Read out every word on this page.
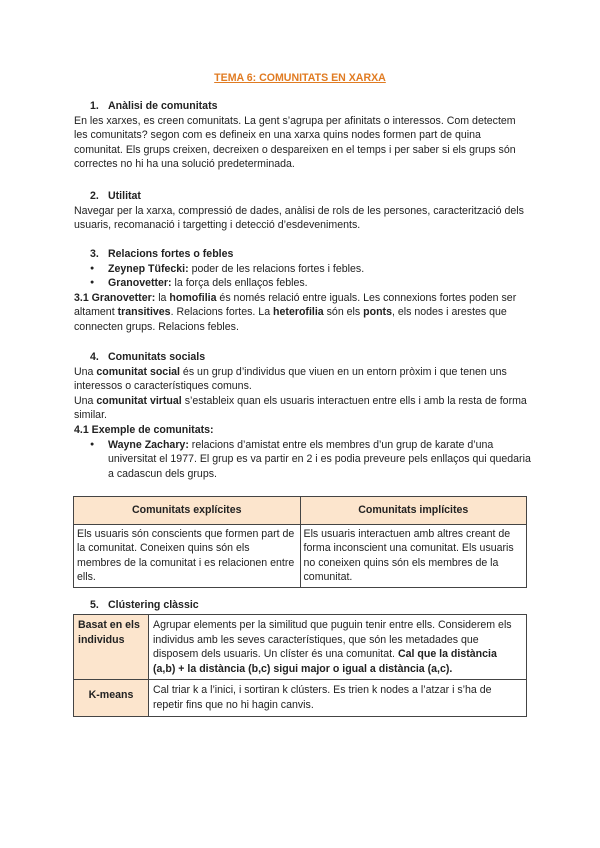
TEMA 6: COMUNITATS EN XARXA

1. Anàlisi de comunitats

En les xarxes, es creen comunitats. La gent s’agrupa per afinitats o interessos. Com detectem les comunitats? segon com es defineix en una xarxa quins nodes formen part de quina comunitat. Els grups creixen, decreixen o despareixen en el temps i per saber si els grups són correctes no hi ha una solució predeterminada.

2. Utilitat

Navegar per la xarxa, compressió de dades, anàlisi de rols de les persones, caracterització dels usuaris, recomanació i targetting i detecció d’esdeveniments.

3. Relacions fortes o febles

● Zeynep Tüfecki: poder de les relacions fortes i febles.

● Granovetter: la força dels enllaços febles.

3.1 Granovetter: la homofilia és només relació entre iguals. Les connexions fortes poden ser altament transitives. Relacions fortes. La heterofilia són els ponts, els nodes i arestes que connecten grups. Relacions febles.

4. Comunitats socials

Una comunitat social és un grup d’individus que viuen en un entorn pròxim i que tenen uns interessos o característiques comuns.

Una comunitat virtual s’estableix quan els usuaris interactuen entre ells i amb la resta de forma similar.

4.1 Exemple de comunitats:

● Wayne Zachary: relacions d’amistat entre els membres d’un grup de karate d’una universitat el 1977. El grup es va partir en 2 i es podia preveure pels enllaços qui quedaria a cadascun dels grups.

Comunitats explícites	Comunitats implícites
Els usuaris són conscients que formen part de la comunitat. Coneixen quins són els membres de la comunitat i es relacionen entre ells.	Els usuaris interactuen amb altres creant de forma inconscient una comunitat. Els usuaris no coneixen quins són els membres de la comunitat.

5. Clústering clàssic

Basat en els individus	Agrupar elements per la similitud que puguin tenir entre ells. Considerem els individus amb les seves característiques, que són les metadades que disposem dels usuaris. Un clíster és una comunitat. Cal que la distància (a,b) + la distància (b,c) sigui major o igual a distància (a,c).
K-means	Cal triar k a l’inici, i sortiran k clústers. Es trien k nodes a l’atzar i s’ha de repetir fins que no hi hagin canvis.
